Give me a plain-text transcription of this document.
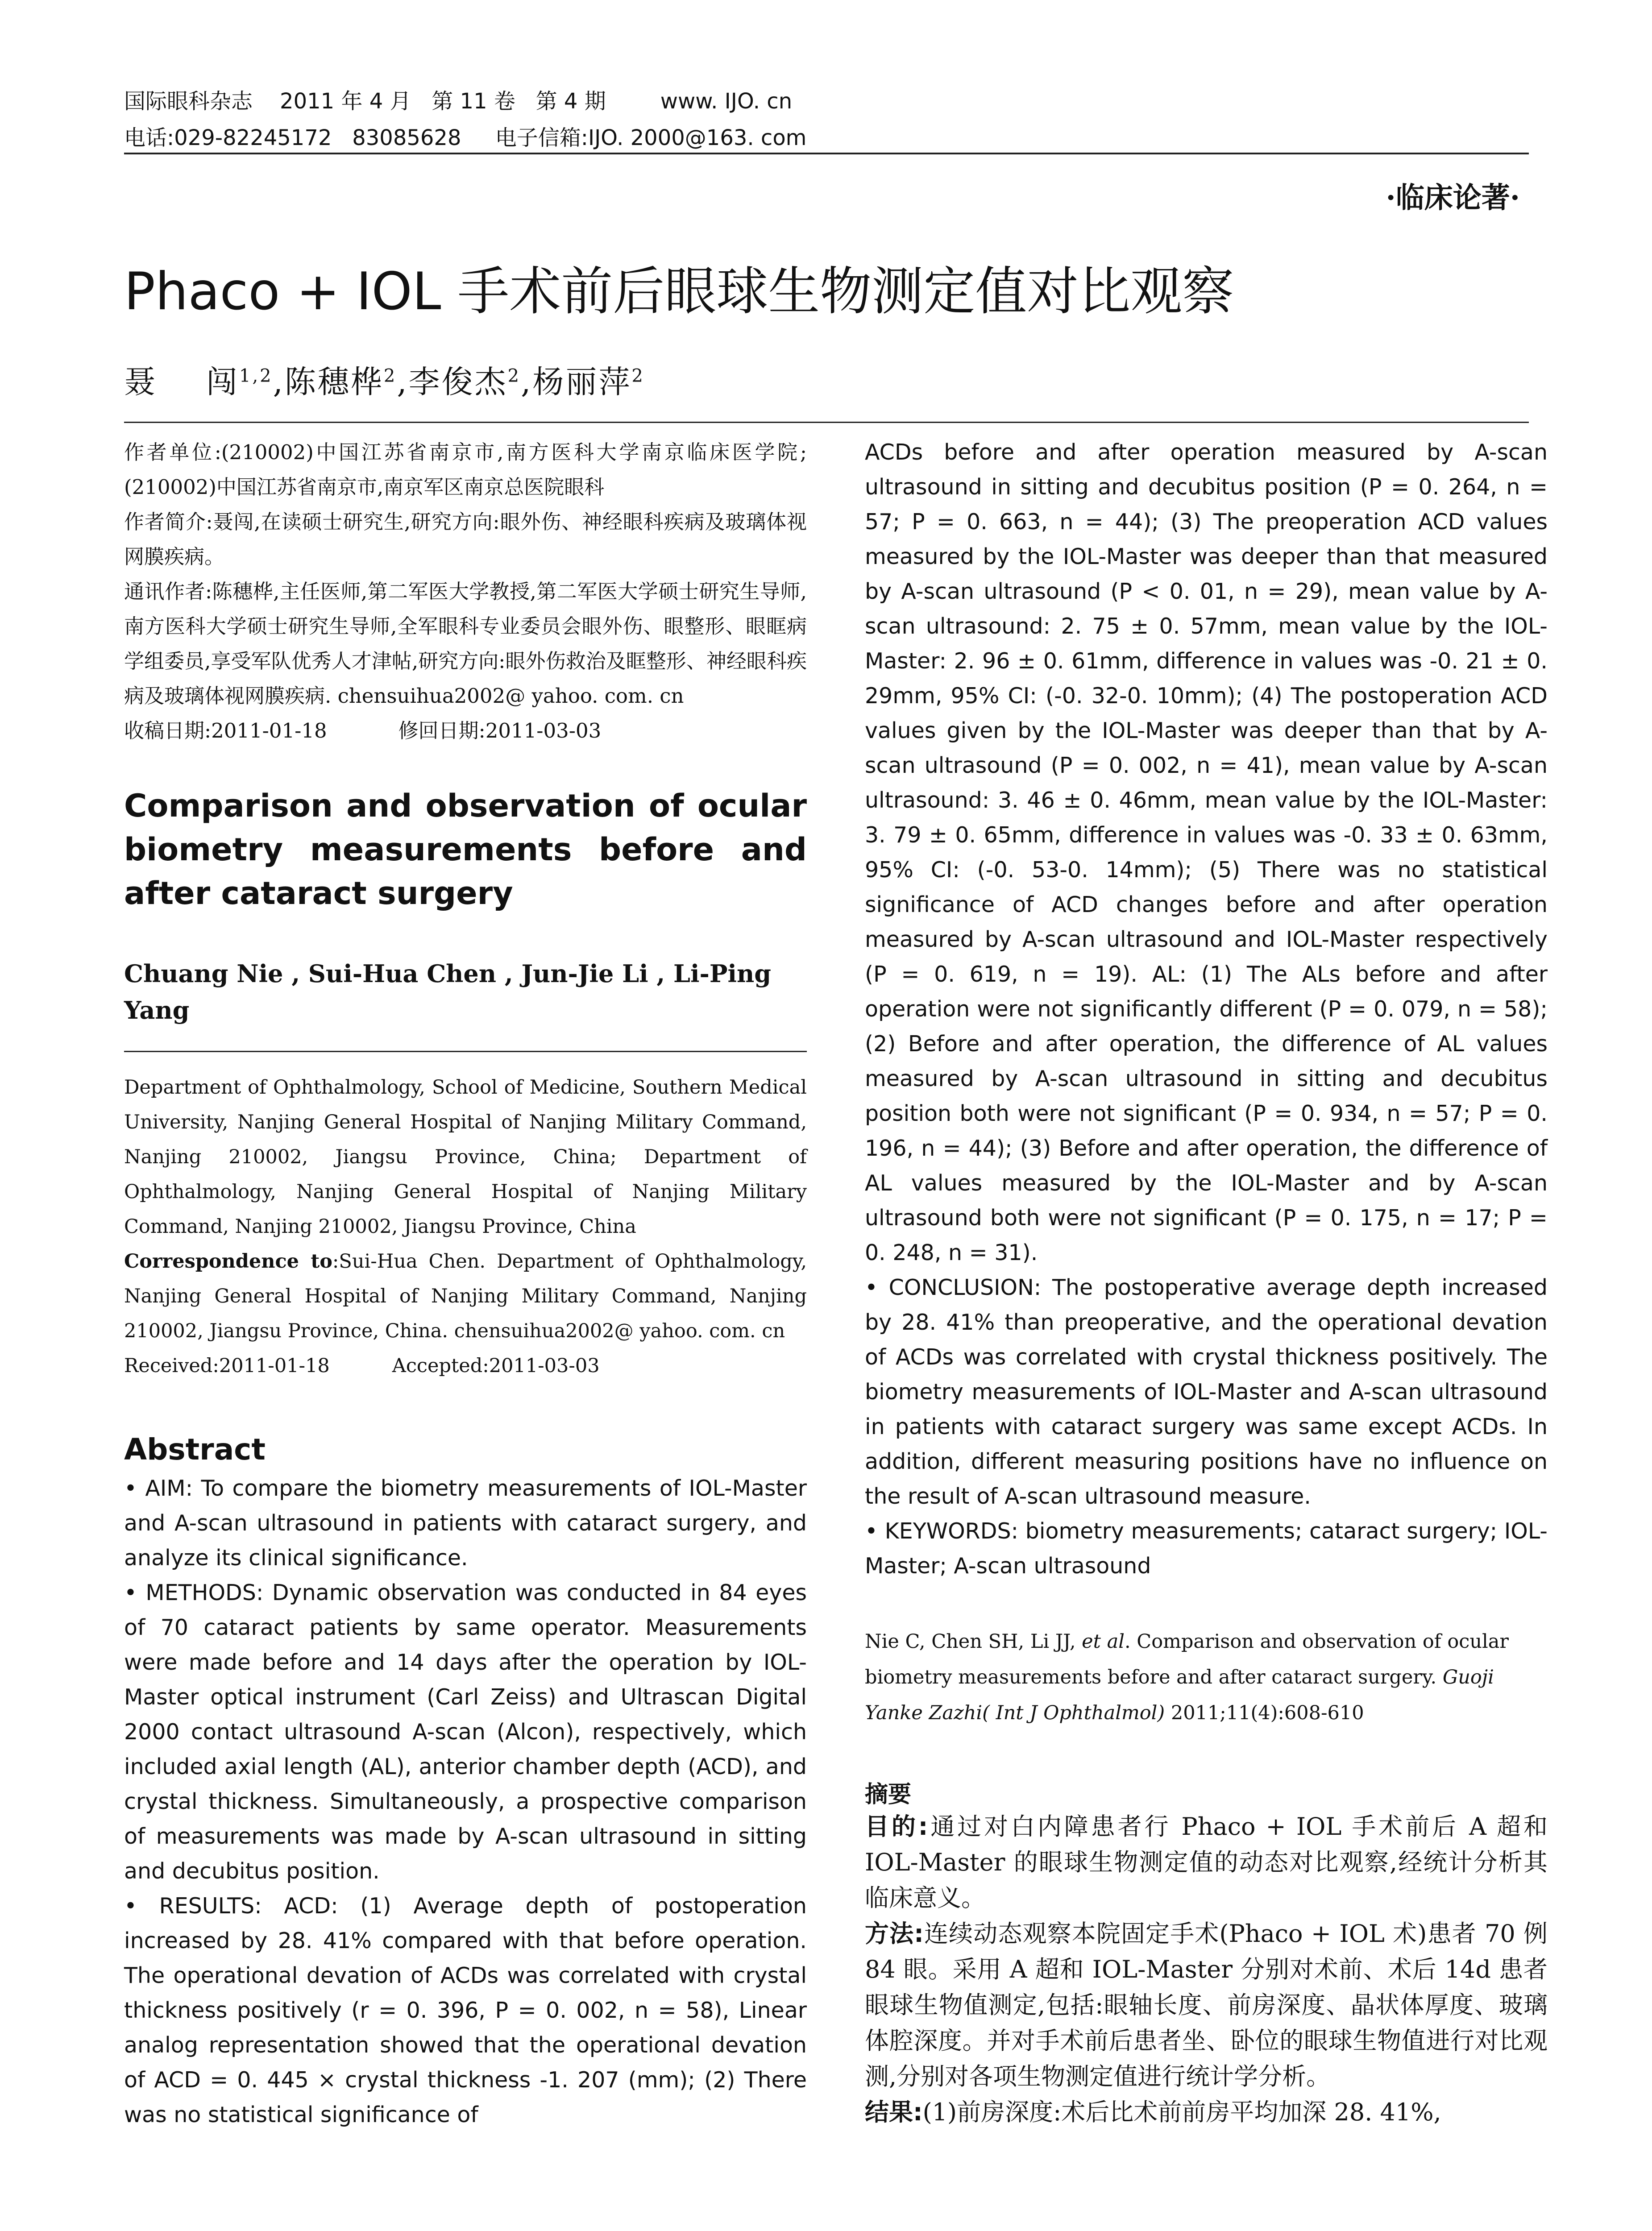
国际眼科杂志    2011 年 4 月   第 11 卷   第 4 期        www. IJO. cn
电话:029-82245172   83085628     电子信箱:IJO. 2000@163. com
·临床论著·
Phaco + IOL 手术前后眼球生物测定值对比观察
聂 闯$^{1,2}$,陈穗桦$^2$,李俊杰$^2$,杨丽萍$^2$

作者单位:(210002)中国江苏省南京市,南方医科大学南京临床医学院;(210002)中国江苏省南京市,南京军区南京总医院眼科

作者简介:聂闯,在读硕士研究生,研究方向:眼外伤、神经眼科疾病及玻璃体视网膜疾病。

通讯作者:陈穗桦,主任医师,第二军医大学教授,第二军医大学硕士研究生导师,南方医科大学硕士研究生导师,全军眼科专业委员会眼外伤、眼整形、眼眶病学组委员,享受军队优秀人才津帖,研究方向:眼外伤救治及眶整形、神经眼科疾病及玻璃体视网膜疾病. chensuihua2002@ yahoo. com. cn

收稿日期:2011-01-18	修回日期:2011-03-03

Comparison and observation of ocular biometry measurements before and after cataract surgery

Chuang Nie , Sui-Hua Chen , Jun-Jie Li , Li-Ping Yang

Department of Ophthalmology, School of Medicine, Southern Medical University, Nanjing General Hospital of Nanjing Military Command, Nanjing 210002, Jiangsu Province, China; Department of Ophthalmology, Nanjing General Hospital of Nanjing Military Command, Nanjing 210002, Jiangsu Province, China

Correspondence to:Sui-Hua Chen. Department of Ophthalmology, Nanjing General Hospital of Nanjing Military Command, Nanjing 210002, Jiangsu Province, China. chensuihua2002@ yahoo. com. cn

Received:2011-01-18	Accepted:2011-03-03

Abstract

• AIM: To compare the biometry measurements of IOL-Master and A-scan ultrasound in patients with cataract surgery, and analyze its clinical significance.

• METHODS: Dynamic observation was conducted in 84 eyes of 70 cataract patients by same operator. Measurements were made before and 14 days after the operation by IOL-Master optical instrument (Carl Zeiss) and Ultrascan Digital 2000 contact ultrasound A-scan (Alcon), respectively, which included axial length (AL), anterior chamber depth (ACD), and crystal thickness. Simultaneously, a prospective comparison of measurements was made by A-scan ultrasound in sitting and decubitus position.

• RESULTS: ACD: (1) Average depth of postoperation increased by 28. 41% compared with that before operation. The operational devation of ACDs was correlated with crystal thickness positively (r = 0. 396, P = 0. 002, n = 58), Linear analog representation showed that the operational devation of ACD = 0. 445 × crystal thickness -1. 207 (mm); (2) There was no statistical significance of

ACDs before and after operation measured by A-scan ultrasound in sitting and decubitus position (P = 0. 264, n = 57; P = 0. 663, n = 44); (3) The preoperation ACD values measured by the IOL-Master was deeper than that measured by A-scan ultrasound (P < 0. 01, n = 29), mean value by A-scan ultrasound: 2. 75 ± 0. 57mm, mean value by the IOL-Master: 2. 96 ± 0. 61mm, difference in values was -0. 21 ± 0. 29mm, 95% CI: (-0. 32-0. 10mm); (4) The postoperation ACD values given by the IOL-Master was deeper than that by A-scan ultrasound (P = 0. 002, n = 41), mean value by A-scan ultrasound: 3. 46 ± 0. 46mm, mean value by the IOL-Master: 3. 79 ± 0. 65mm, difference in values was -0. 33 ± 0. 63mm, 95% CI: (-0. 53-0. 14mm); (5) There was no statistical significance of ACD changes before and after operation measured by A-scan ultrasound and IOL-Master respectively (P = 0. 619, n = 19). AL: (1) The ALs before and after operation were not significantly different (P = 0. 079, n = 58); (2) Before and after operation, the difference of AL values measured by A-scan ultrasound in sitting and decubitus position both were not significant (P = 0. 934, n = 57; P = 0. 196, n = 44); (3) Before and after operation, the difference of AL values measured by the IOL-Master and by A-scan ultrasound both were not significant (P = 0. 175, n = 17; P = 0. 248, n = 31).

• CONCLUSION: The postoperative average depth increased by 28. 41% than preoperative, and the operational devation of ACDs was correlated with crystal thickness positively. The biometry measurements of IOL-Master and A-scan ultrasound in patients with cataract surgery was same except ACDs. In addition, different measuring positions have no influence on the result of A-scan ultrasound measure.

• KEYWORDS: biometry measurements; cataract surgery; IOL-Master; A-scan ultrasound

Nie C, Chen SH, Li JJ, et al. Comparison and observation of ocular biometry measurements before and after cataract surgery. Guoji Yanke Zazhi( Int J Ophthalmol) 2011;11(4):608-610

摘要

目的:通过对白内障患者行 Phaco + IOL 手术前后 A 超和 IOL-Master 的眼球生物测定值的动态对比观察,经统计分析其临床意义。

方法:连续动态观察本院固定手术(Phaco + IOL 术)患者 70 例 84 眼。采用 A 超和 IOL-Master 分别对术前、术后 14d 患者眼球生物值测定,包括:眼轴长度、前房深度、晶状体厚度、玻璃体腔深度。并对手术前后患者坐、卧位的眼球生物值进行对比观测,分别对各项生物测定值进行统计学分析。

结果:(1)前房深度:术后比术前前房平均加深 28. 41%,
